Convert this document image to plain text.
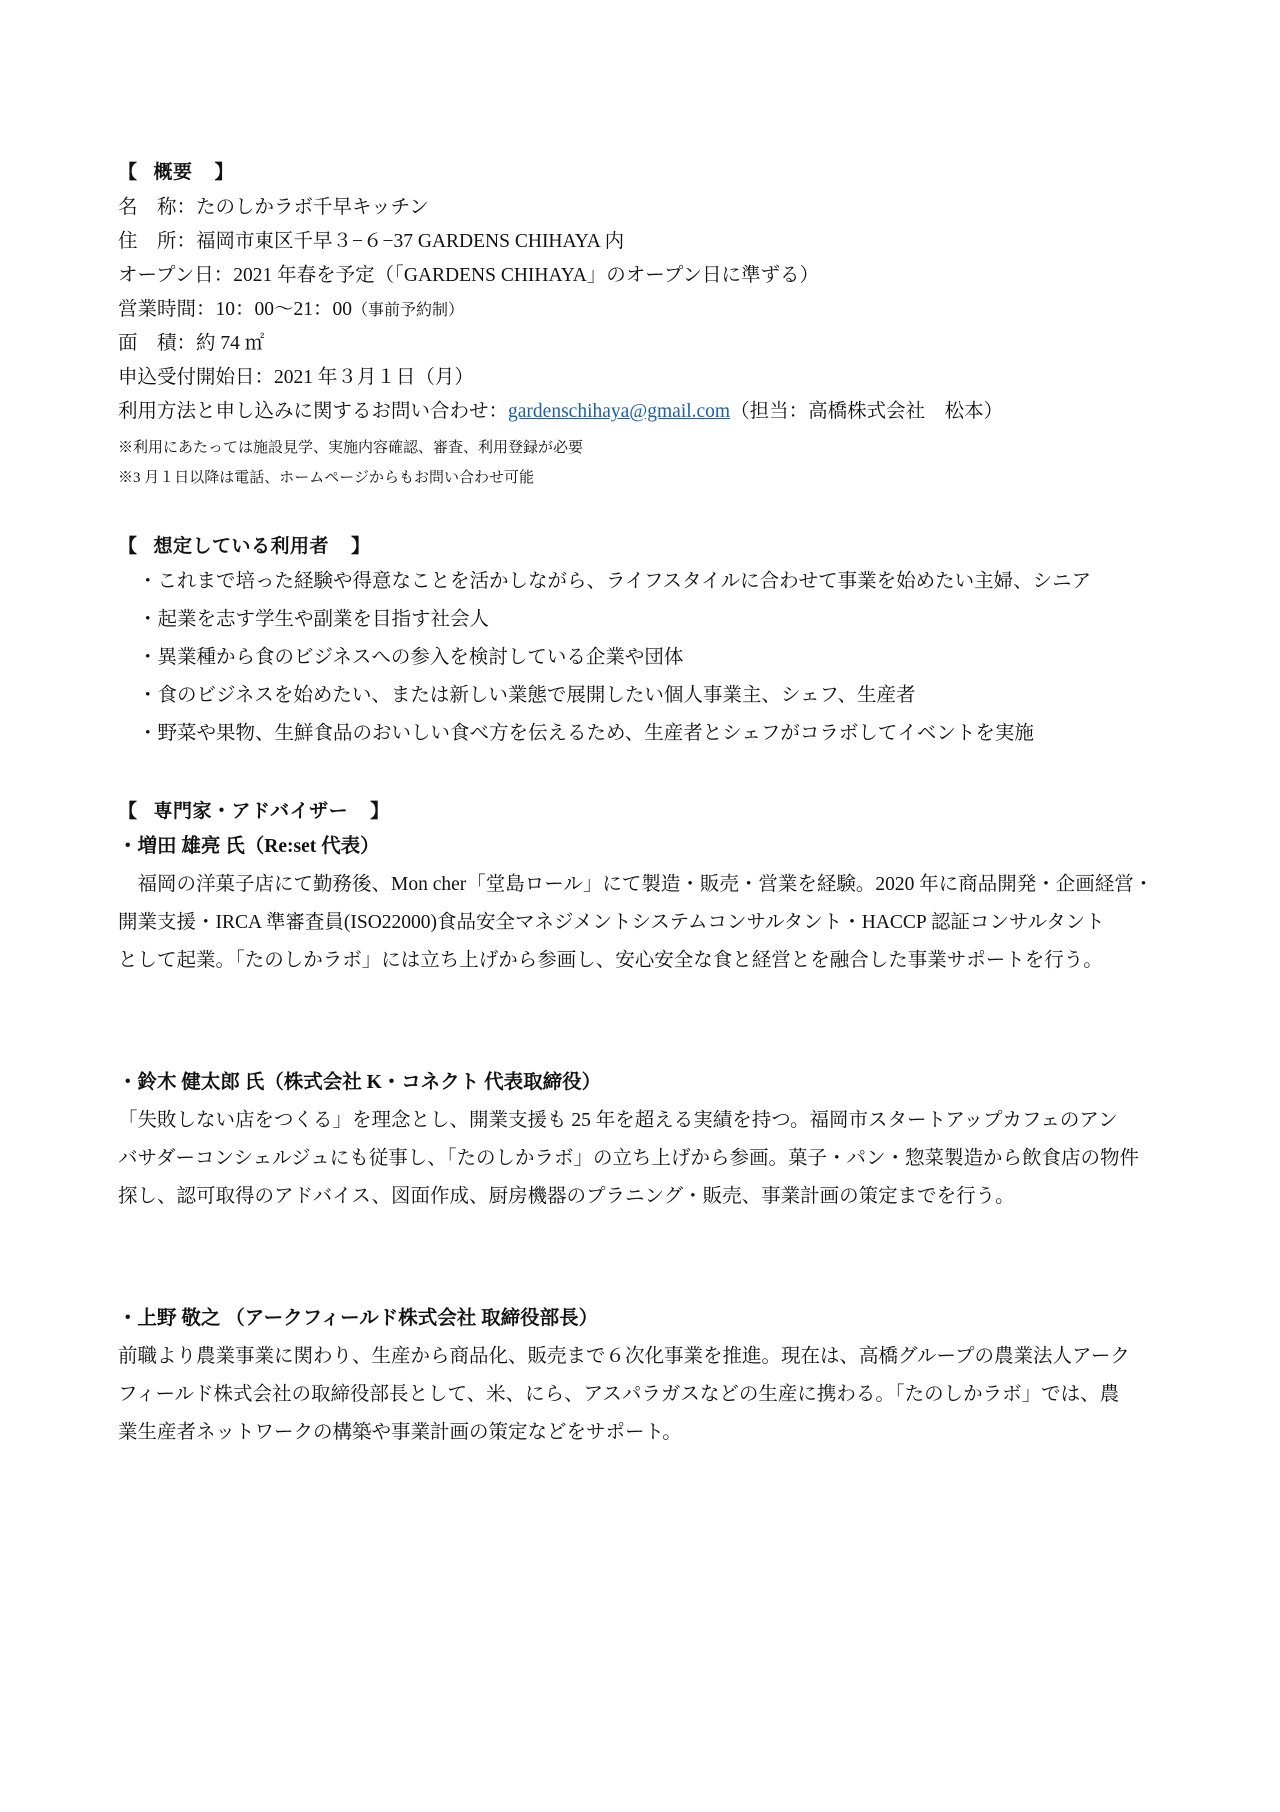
【 概要 】
名　称：たのしかラボ千早キッチン
住　所：福岡市東区千早３−６−37 GARDENS CHIHAYA 内
オープン日：2021 年春を予定（「GARDENS CHIHAYA」のオープン日に準ずる）
営業時間：10：00〜21：00（事前予約制）
面　積：約 74 ㎡
申込受付開始日：2021 年３月１日（月）
利用方法と申し込みに関するお問い合わせ：gardenschihaya@gmail.com（担当：高橋株式会社　松本）
※利用にあたっては施設見学、実施内容確認、審査、利用登録が必要
※3 月１日以降は電話、ホームページからもお問い合わせ可能
【 想定している利用者 】
・これまで培った経験や得意なことを活かしながら、ライフスタイルに合わせて事業を始めたい主婦、シニア
・起業を志す学生や副業を目指す社会人
・異業種から食のビジネスへの参入を検討している企業や団体
・食のビジネスを始めたい、または新しい業態で展開したい個人事業主、シェフ、生産者
・野菜や果物、生鮮食品のおいしい食べ方を伝えるため、生産者とシェフがコラボしてイベントを実施
【 専門家・アドバイザー 】
・増田 雄亮 氏（Re:set 代表）
　福岡の洋菓子店にて勤務後、Mon cher「堂島ロール」にて製造・販売・営業を経験。2020 年に商品開発・企画経営・
開業支援・IRCA 準審査員(ISO22000)食品安全マネジメントシステムコンサルタント・HACCP 認証コンサルタント
として起業。「たのしかラボ」には立ち上げから参画し、安心安全な食と経営とを融合した事業サポートを行う。
・鈴木 健太郎 氏（株式会社 K・コネクト 代表取締役）
「失敗しない店をつくる」を理念とし、開業支援も 25 年を超える実績を持つ。福岡市スタートアップカフェのアン
バサダーコンシェルジュにも従事し、「たのしかラボ」の立ち上げから参画。菓子・パン・惣菜製造から飲食店の物件
探し、認可取得のアドバイス、図面作成、厨房機器のプラニング・販売、事業計画の策定までを行う。
・上野 敬之 （アークフィールド株式会社 取締役部長）
前職より農業事業に関わり、生産から商品化、販売まで６次化事業を推進。現在は、高橋グループの農業法人アーク
フィールド株式会社の取締役部長として、米、にら、アスパラガスなどの生産に携わる。「たのしかラボ」では、農
業生産者ネットワークの構築や事業計画の策定などをサポート。
